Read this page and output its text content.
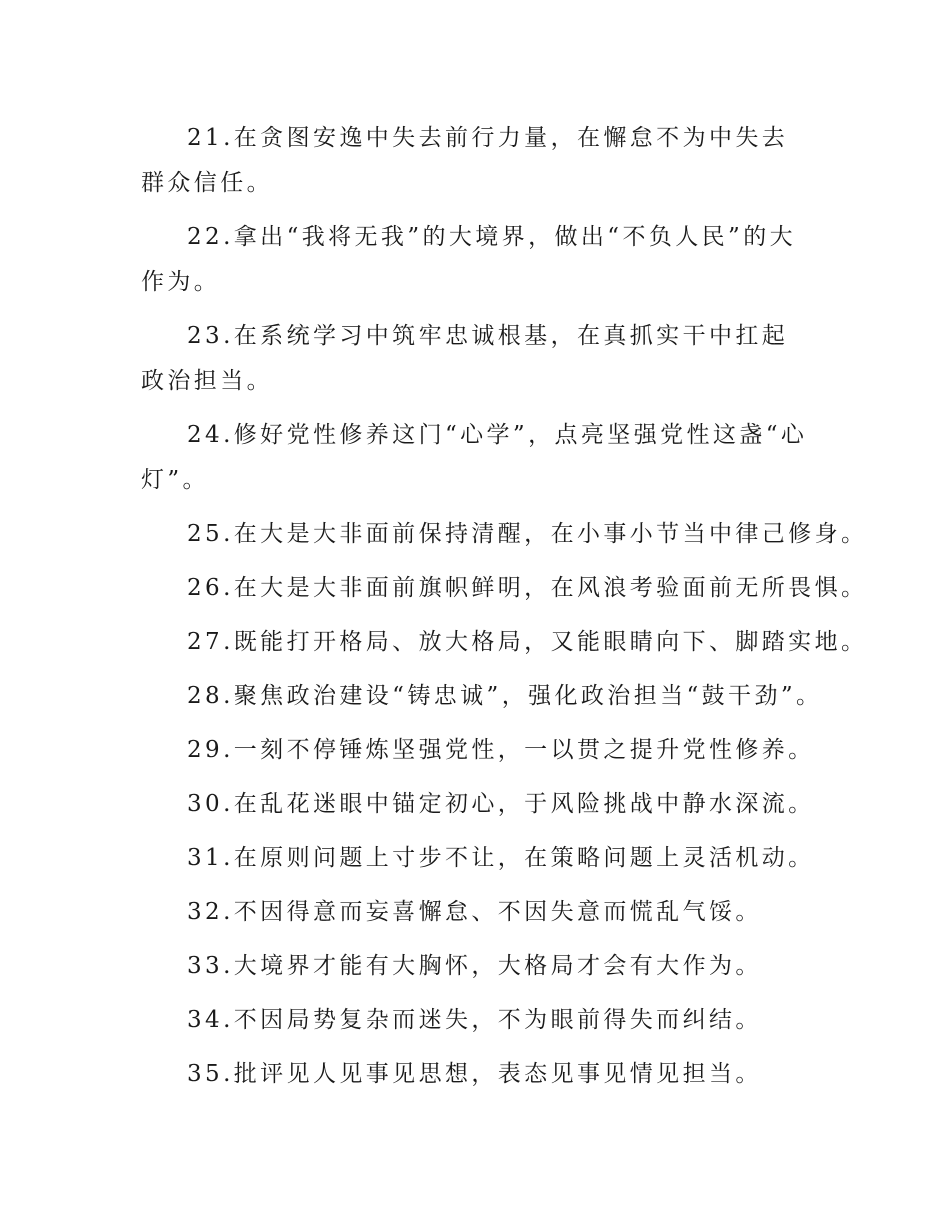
21.在贪图安逸中失去前行力量，在懈怠不为中失去群众信任。

22.拿出“我将无我”的大境界，做出“不负人民”的大作为。

23.在系统学习中筑牢忠诚根基，在真抓实干中扛起政治担当。

24.修好党性修养这门“心学”，点亮坚强党性这盏“心灯”。

25.在大是大非面前保持清醒，在小事小节当中律己修身。

26.在大是大非面前旗帜鲜明，在风浪考验面前无所畏惧。

27.既能打开格局、放大格局，又能眼睛向下、脚踏实地。

28.聚焦政治建设“铸忠诚”，强化政治担当“鼓干劲”。

29.一刻不停锤炼坚强党性，一以贯之提升党性修养。

30.在乱花迷眼中锚定初心，于风险挑战中静水深流。

31.在原则问题上寸步不让，在策略问题上灵活机动。

32.不因得意而妄喜懈怠、不因失意而慌乱气馁。

33.大境界才能有大胸怀，大格局才会有大作为。

34.不因局势复杂而迷失，不为眼前得失而纠结。

35.批评见人见事见思想，表态见事见情见担当。
